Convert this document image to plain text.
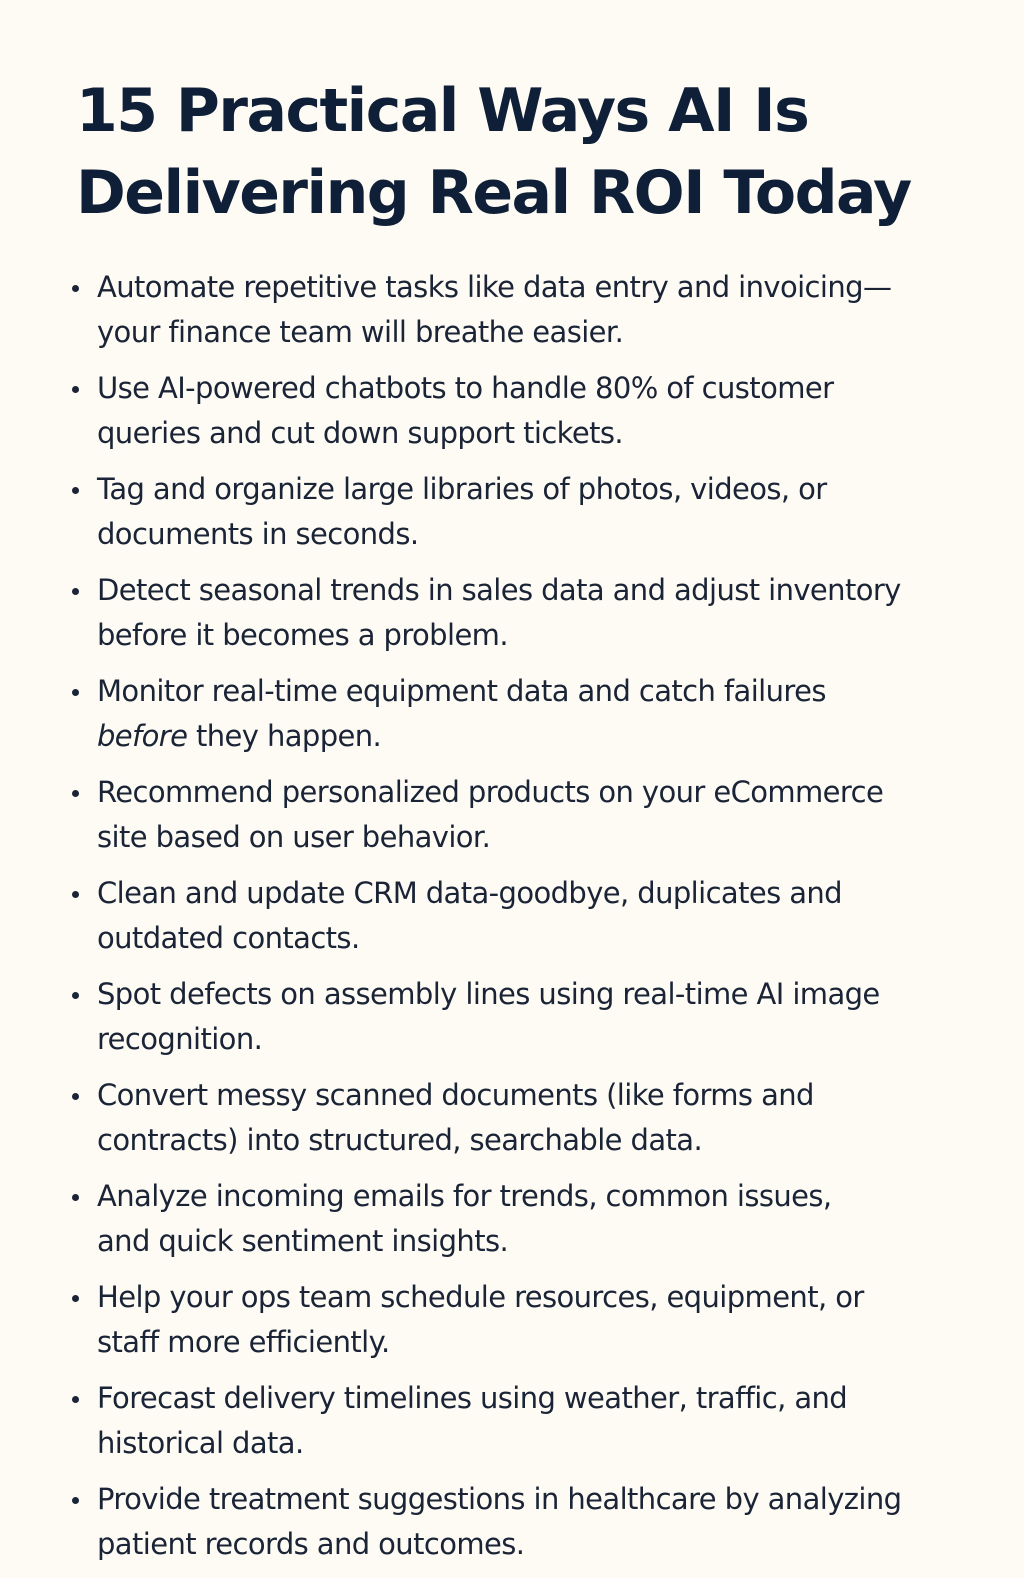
15 Practical Ways AI Is
Delivering Real ROI Today
Automate repetitive tasks like data entry and invoicing—
your finance team will breathe easier.
Use AI-powered chatbots to handle 80% of customer
queries and cut down support tickets.
Tag and organize large libraries of photos, videos, or
documents in seconds.
Detect seasonal trends in sales data and adjust inventory
before it becomes a problem.
Monitor real-time equipment data and catch failures
before they happen.
Recommend personalized products on your eCommerce
site based on user behavior.
Clean and update CRM data-goodbye, duplicates and
outdated contacts.
Spot defects on assembly lines using real-time AI image
recognition.
Convert messy scanned documents (like forms and
contracts) into structured, searchable data.
Analyze incoming emails for trends, common issues,
and quick sentiment insights.
Help your ops team schedule resources, equipment, or
staff more efficiently.
Forecast delivery timelines using weather, traffic, and
historical data.
Provide treatment suggestions in healthcare by analyzing
patient records and outcomes.
